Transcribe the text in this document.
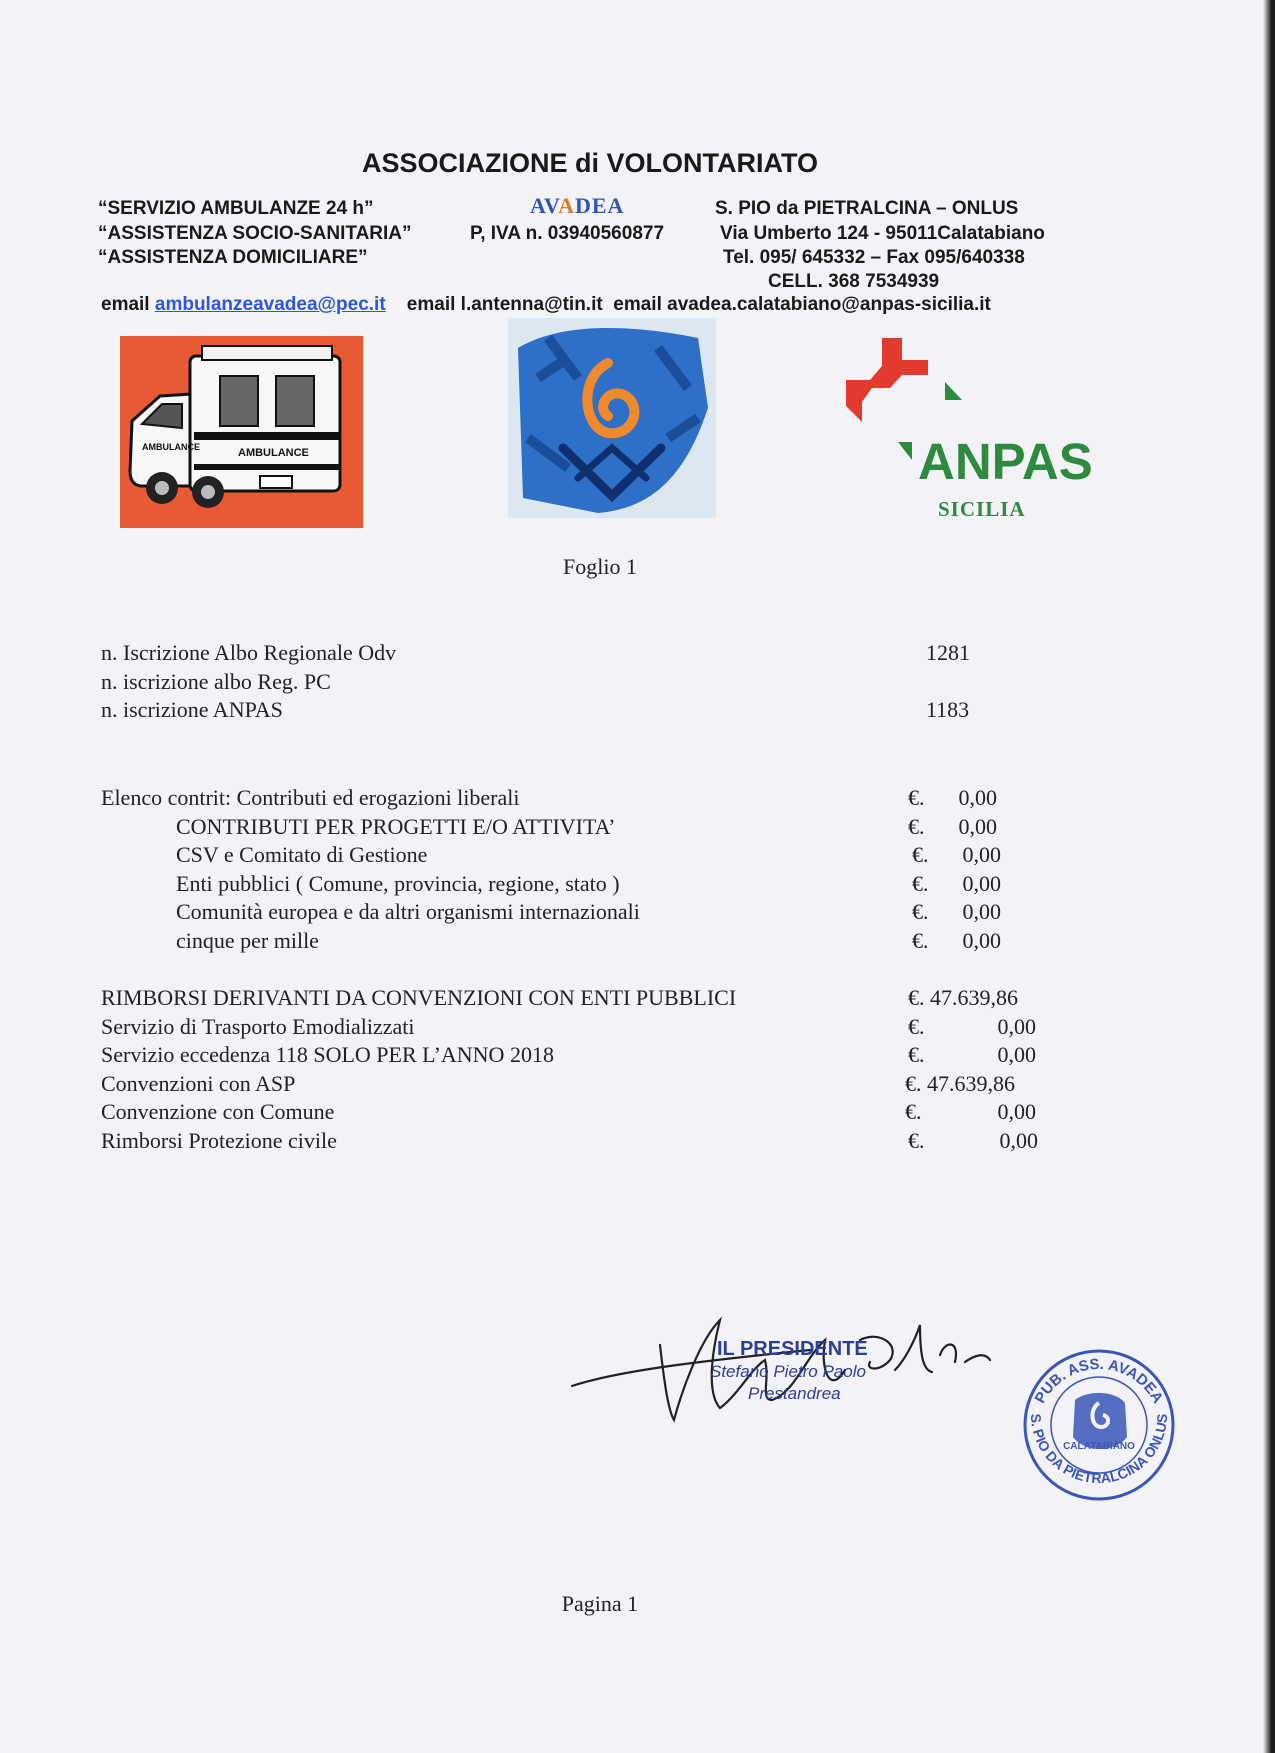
ASSOCIAZIONE di VOLONTARIATO
“SERVIZIO AMBULANZE 24 h”
“ASSISTENZA SOCIO-SANITARIA”
“ASSISTENZA DOMICILIARE”
AVADEA
P, IVA n. 03940560877
S. PIO da PIETRALCINA – ONLUS
Via Umberto 124 - 95011Calatabiano
Tel. 095/ 645332 – Fax 095/640338
CELL. 368 7534939
email ambulanzeavadea@pec.it email l.antenna@tin.it email avadea.calatabiano@anpas-sicilia.it
AMBULANCE	AMBULANCE	ANPAS
SICILIA
Foglio 1
n. Iscrizione Albo Regionale Odv	1281
n. iscrizione albo Reg. PC
n. iscrizione ANPAS	1183
Elenco contrit: Contributi ed erogazioni liberali	€.	0,00
CONTRIBUTI PER PROGETTI E/O ATTIVITA’	€.	0,00
CSV e Comitato di Gestione	€.	0,00
Enti pubblici ( Comune, provincia, regione, stato )	€.	0,00
Comunità europea e da altri organismi internazionali	€.	0,00
cinque per mille	€.	0,00
RIMBORSI DERIVANTI DA CONVENZIONI CON ENTI PUBBLICI	€. 47.639,86
Servizio di Trasporto Emodializzati	€.	0,00
Servizio eccedenza 118 SOLO PER L’ANNO 2018	€.	0,00
Convenzioni con ASP	€. 47.639,86
Convenzione con Comune	€.	0,00
Rimborsi Protezione civile	€.	0,00
IL PRESIDENTE
Stefano Pietro Paolo
Prestandrea	PUB. ASS. AVADEA
S. PIO DA PIETRALCINA ONLUS
CALATABIANO
Pagina 1
